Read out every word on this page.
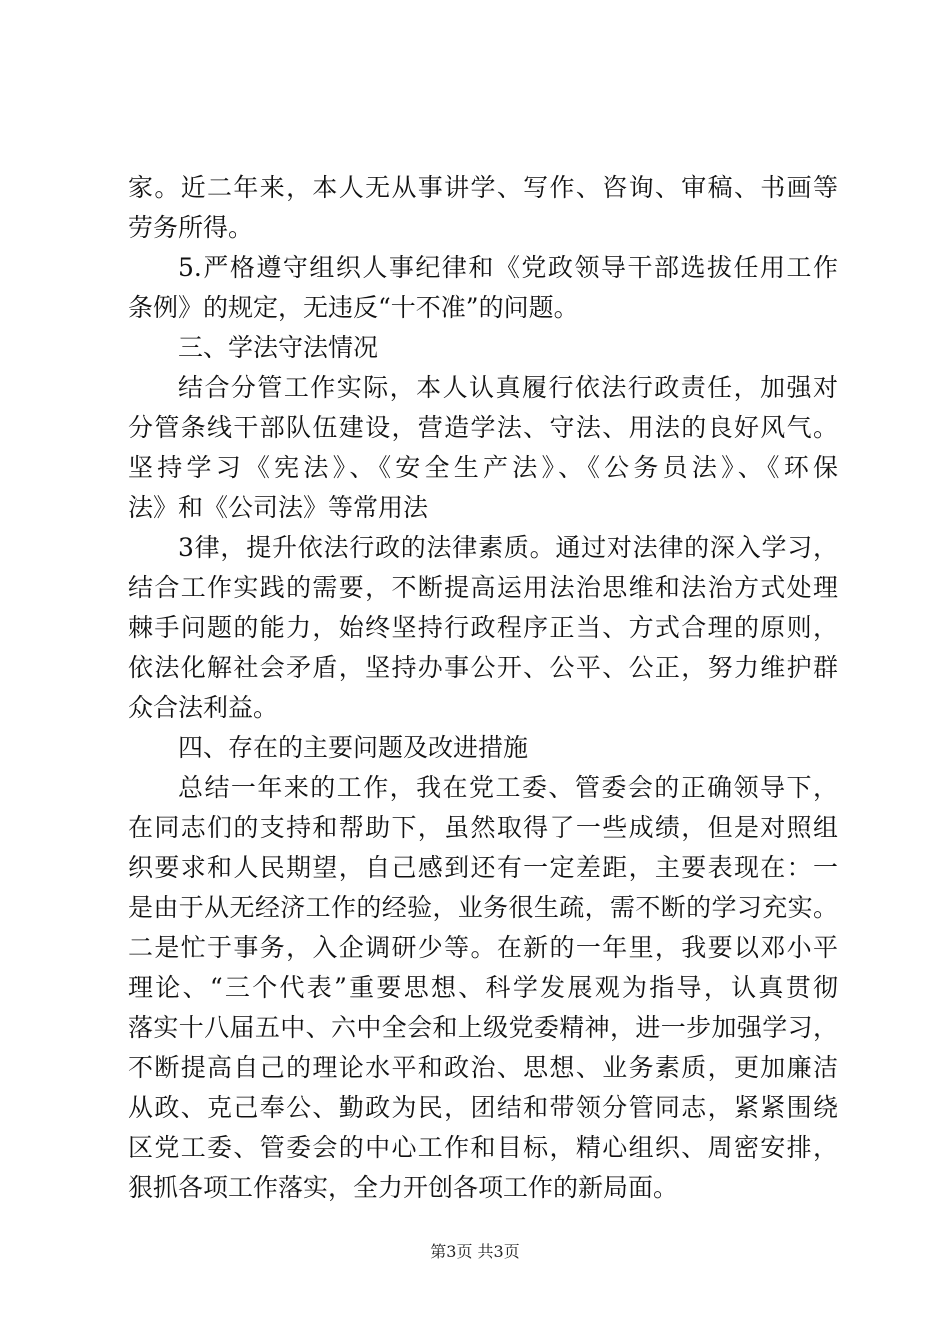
家。近二年来，本人无从事讲学、写作、咨询、审稿、书画等
劳务所得。
5.严格遵守组织人事纪律和《党政领导干部选拔任用工作
条例》的规定，无违反“十不准”的问题。
三、学法守法情况
结合分管工作实际，本人认真履行依法行政责任，加强对
分管条线干部队伍建设，营造学法、守法、用法的良好风气。
坚持学习《宪法》、《安全生产法》、《公务员法》、《环保
法》和《公司法》等常用法
3律，提升依法行政的法律素质。通过对法律的深入学习，
结合工作实践的需要，不断提高运用法治思维和法治方式处理
棘手问题的能力，始终坚持行政程序正当、方式合理的原则，
依法化解社会矛盾，坚持办事公开、公平、公正，努力维护群
众合法利益。
四、存在的主要问题及改进措施
总结一年来的工作，我在党工委、管委会的正确领导下，
在同志们的支持和帮助下，虽然取得了一些成绩，但是对照组
织要求和人民期望，自己感到还有一定差距，主要表现在：一
是由于从无经济工作的经验，业务很生疏，需不断的学习充实。
二是忙于事务，入企调研少等。在新的一年里，我要以邓小平
理论、“三个代表”重要思想、科学发展观为指导，认真贯彻
落实十八届五中、六中全会和上级党委精神，进一步加强学习，
不断提高自己的理论水平和政治、思想、业务素质，更加廉洁
从政、克己奉公、勤政为民，团结和带领分管同志，紧紧围绕
区党工委、管委会的中心工作和目标，精心组织、周密安排，
狠抓各项工作落实，全力开创各项工作的新局面。
第3页 共3页
